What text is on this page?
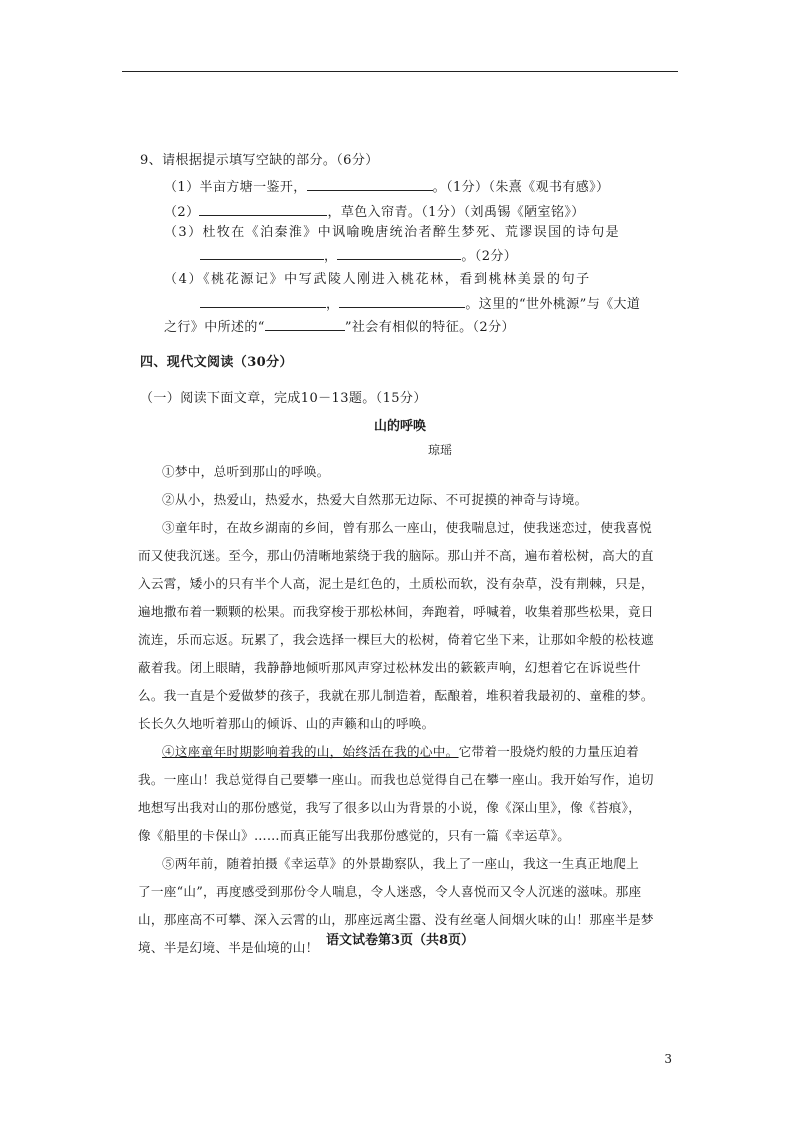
9、请根据提示填写空缺的部分。（6分）
（1）半亩方塘一鉴开，	。（1分）（朱熹《观书有感》）
（2）	，草色入帘青。（1分）（刘禹锡《陋室铭》）
（3）杜牧在《泊秦淮》中讽喻晚唐统治者醉生梦死、荒谬误国的诗句是
，	。（2分）
（4）《桃花源记》中写武陵人刚进入桃花林，看到桃林美景的句子
，	。这里的“世外桃源”与《大道
之行》中所述的“	”社会有相似的特征。（2分）
四、现代文阅读（30分）
（一）阅读下面文章，完成10－13题。（15分）
山的呼唤
琼瑶
①梦中，总听到那山的呼唤。
②从小，热爱山，热爱水，热爱大自然那无边际、不可捉摸的神奇与诗境。
③童年时，在故乡湖南的乡间，曾有那么一座山，使我喘息过，使我迷恋过，使我喜悦
而又使我沉迷。至今，那山仍清晰地萦绕于我的脑际。那山并不高，遍布着松树，高大的直
入云霄，矮小的只有半个人高，泥土是红色的，土质松而软，没有杂草，没有荆棘，只是，
遍地撒布着一颗颗的松果。而我穿梭于那松林间，奔跑着，呼喊着，收集着那些松果，竟日
流连，乐而忘返。玩累了，我会选择一棵巨大的松树，倚着它坐下来，让那如伞般的松枝遮
蔽着我。闭上眼睛，我静静地倾听那风声穿过松林发出的簌簌声响，幻想着它在诉说些什
么。我一直是个爱做梦的孩子，我就在那儿制造着，酝酿着，堆积着我最初的、童稚的梦。
长长久久地听着那山的倾诉、山的声籁和山的呼唤。
④这座童年时期影响着我的山，始终活在我的心中。它带着一股烧灼般的力量压迫着
我。一座山！我总觉得自己要攀一座山。而我也总觉得自己在攀一座山。我开始写作，追切
地想写出我对山的那份感觉，我写了很多以山为背景的小说，像《深山里》，像《苔痕》，
像《船里的卡保山》……而真正能写出我那份感觉的，只有一篇《幸运草》。
⑤两年前，随着拍摄《幸运草》的外景勘察队，我上了一座山，我这一生真正地爬上
了一座“山”，再度感受到那份令人喘息，令人迷惑，令人喜悦而又令人沉迷的滋味。那座
山，那座高不可攀、深入云霄的山，那座远离尘嚣、没有丝毫人间烟火味的山！那座半是梦
境、半是幻境、半是仙境的山！ 语文试卷第3页（共8页）
3
